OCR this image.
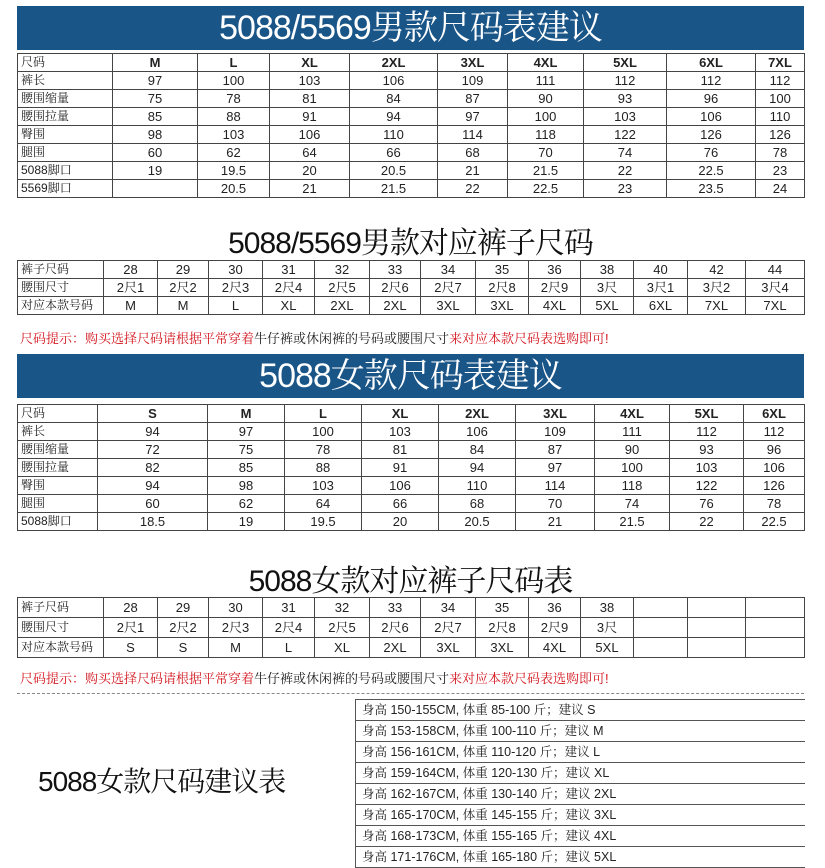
5088/5569男款尺码表建议
尺码	M	L	XL	2XL	3XL	4XL	5XL	6XL	7XL
裤长	97	100	103	106	109	111	112	112	112
腰围缩量	75	78	81	84	87	90	93	96	100
腰围拉量	85	88	91	94	97	100	103	106	110
臀围	98	103	106	110	114	118	122	126	126
腿围	60	62	64	66	68	70	74	76	78
5088脚口	19	19.5	20	20.5	21	21.5	22	22.5	23
5569脚口		20.5	21	21.5	22	22.5	23	23.5	24
5088/5569男款对应裤子尺码
裤子尺码	28	29	30	31	32	33	34	35	36	38	40	42	44
腰围尺寸	2尺1	2尺2	2尺3	2尺4	2尺5	2尺6	2尺7	2尺8	2尺9	3尺	3尺1	3尺2	3尺4
对应本款号码	M	M	L	XL	2XL	2XL	3XL	3XL	4XL	5XL	6XL	7XL	7XL
尺码提示：购买选择尺码请根据平常穿着牛仔裤或休闲裤的号码或腰围尺寸来对应本款尺码表选购即可!
5088女款尺码表建议
尺码	S	M	L	XL	2XL	3XL	4XL	5XL	6XL
裤长	94	97	100	103	106	109	111	112	112
腰围缩量	72	75	78	81	84	87	90	93	96
腰围拉量	82	85	88	91	94	97	100	103	106
臀围	94	98	103	106	110	114	118	122	126
腿围	60	62	64	66	68	70	74	76	78
5088脚口	18.5	19	19.5	20	20.5	21	21.5	22	22.5
5088女款对应裤子尺码表
裤子尺码	28	29	30	31	32	33	34	35	36	38			
腰围尺寸	2尺1	2尺2	2尺3	2尺4	2尺5	2尺6	2尺7	2尺8	2尺9	3尺			
对应本款号码	S	S	M	L	XL	2XL	3XL	3XL	4XL	5XL			
尺码提示：购买选择尺码请根据平常穿着牛仔裤或休闲裤的号码或腰围尺寸来对应本款尺码表选购即可!
5088女款尺码建议表
身高 150-155CM, 体重 85-100 斤；建议 S
身高 153-158CM, 体重 100-110 斤；建议 M
身高 156-161CM, 体重 110-120 斤；建议 L
身高 159-164CM, 体重 120-130 斤；建议 XL
身高 162-167CM, 体重 130-140 斤；建议 2XL
身高 165-170CM, 体重 145-155 斤；建议 3XL
身高 168-173CM, 体重 155-165 斤；建议 4XL
身高 171-176CM, 体重 165-180 斤；建议 5XL
